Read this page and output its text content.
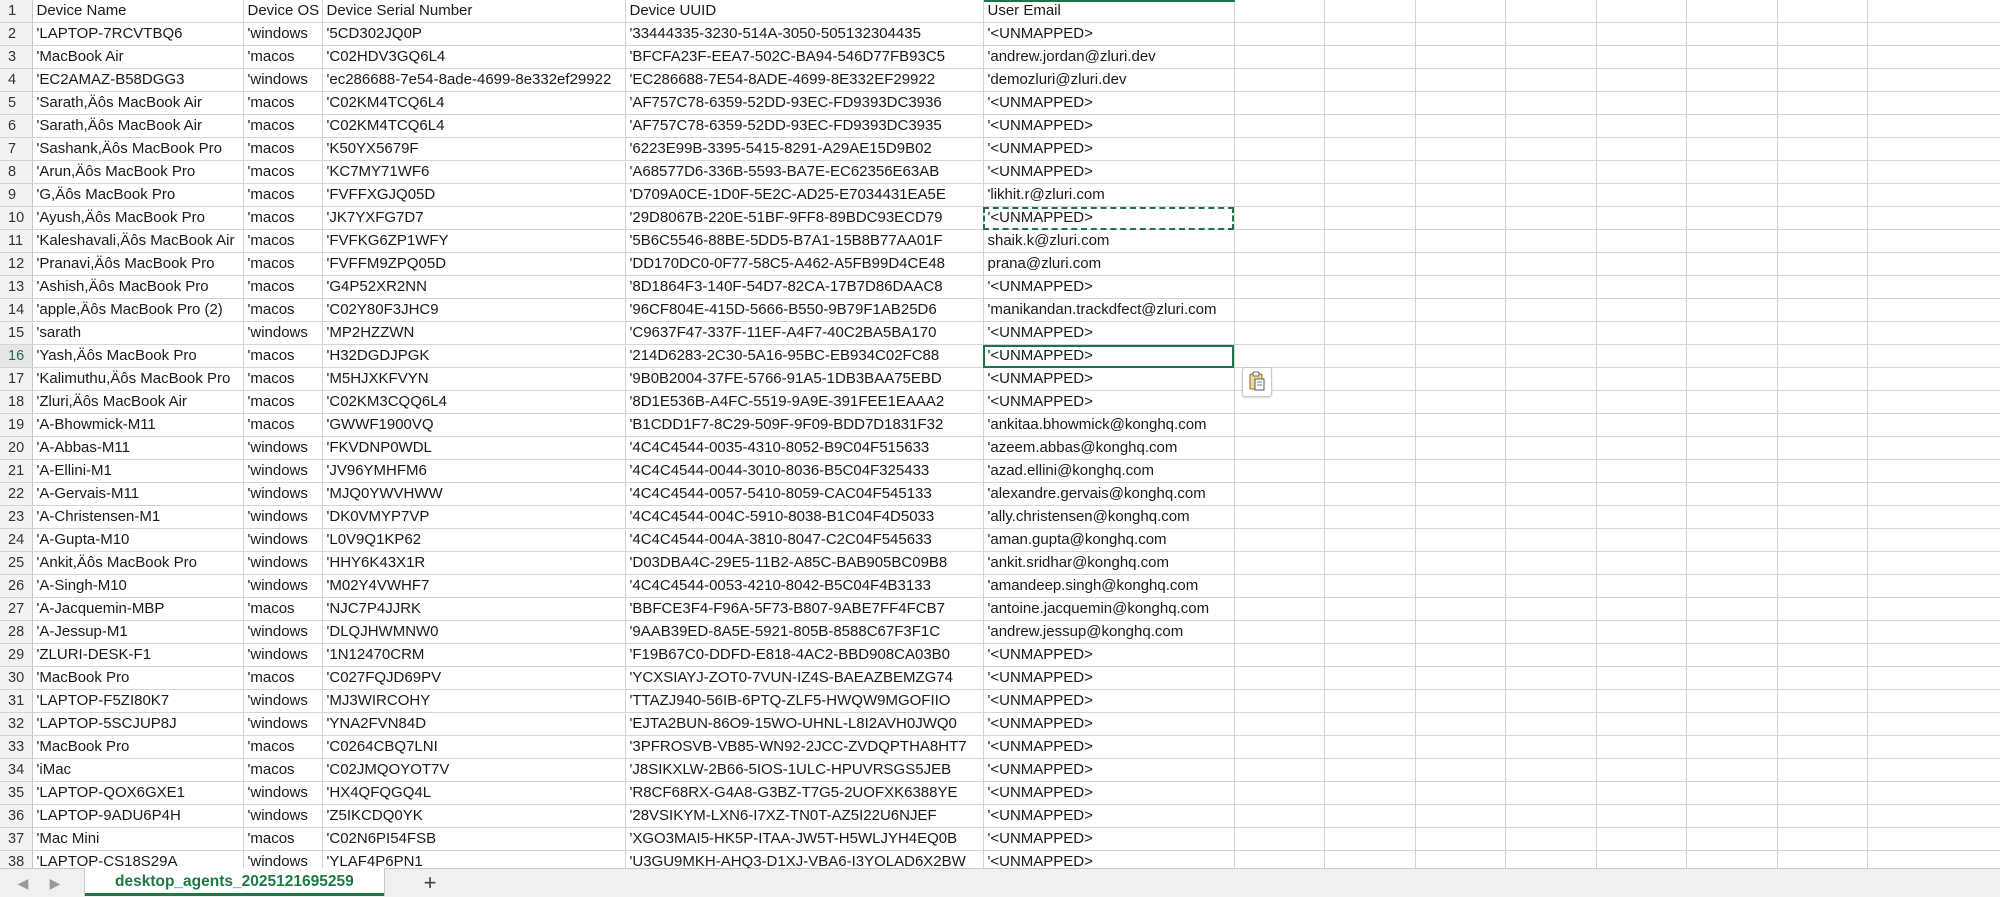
1	Device Name	Device OS	Device Serial Number	Device UUID	User Email								
2	'LAPTOP-7RCVTBQ6	'windows	'5CD302JQ0P	'33444335-3230-514A-3050-505132304435	'<UNMAPPED>								
3	'MacBook Air	'macos	'C02HDV3GQ6L4	'BFCFA23F-EEA7-502C-BA94-546D77FB93C5	'andrew.jordan@zluri.dev								
4	'EC2AMAZ-B58DGG3	'windows	'ec286688-7e54-8ade-4699-8e332ef29922	'EC286688-7E54-8ADE-4699-8E332EF29922	'demozluri@zluri.dev								
5	'Sarath,Äôs MacBook Air	'macos	'C02KM4TCQ6L4	'AF757C78-6359-52DD-93EC-FD9393DC3936	'<UNMAPPED>								
6	'Sarath,Äôs MacBook Air	'macos	'C02KM4TCQ6L4	'AF757C78-6359-52DD-93EC-FD9393DC3935	'<UNMAPPED>								
7	'Sashank,Äôs MacBook Pro	'macos	'K50YX5679F	'6223E99B-3395-5415-8291-A29AE15D9B02	'<UNMAPPED>								
8	'Arun,Äôs MacBook Pro	'macos	'KC7MY71WF6	'A68577D6-336B-5593-BA7E-EC62356E63AB	'<UNMAPPED>								
9	'G,Äôs MacBook Pro	'macos	'FVFFXGJQ05D	'D709A0CE-1D0F-5E2C-AD25-E7034431EA5E	'likhit.r@zluri.com								
10	'Ayush,Äôs MacBook Pro	'macos	'JK7YXFG7D7	'29D8067B-220E-51BF-9FF8-89BDC93ECD79	'<UNMAPPED>								
11	'Kaleshavali,Äôs MacBook Air	'macos	'FVFKG6ZP1WFY	'5B6C5546-88BE-5DD5-B7A1-15B8B77AA01F	shaik.k@zluri.com								
12	'Pranavi,Äôs MacBook Pro	'macos	'FVFFM9ZPQ05D	'DD170DC0-0F77-58C5-A462-A5FB99D4CE48	prana@zluri.com								
13	'Ashish,Äôs MacBook Pro	'macos	'G4P52XR2NN	'8D1864F3-140F-54D7-82CA-17B7D86DAAC8	'<UNMAPPED>								
14	'apple,Äôs MacBook Pro (2)	'macos	'C02Y80F3JHC9	'96CF804E-415D-5666-B550-9B79F1AB25D6	'manikandan.trackdfect@zluri.com								
15	'sarath	'windows	'MP2HZZWN	'C9637F47-337F-11EF-A4F7-40C2BA5BA170	'<UNMAPPED>								
16	'Yash,Äôs MacBook Pro	'macos	'H32DGDJPGK	'214D6283-2C30-5A16-95BC-EB934C02FC88	'<UNMAPPED>								
17	'Kalimuthu,Äôs MacBook Pro	'macos	'M5HJXKFVYN	'9B0B2004-37FE-5766-91A5-1DB3BAA75EBD	'<UNMAPPED>								
18	'Zluri,Äôs MacBook Air	'macos	'C02KM3CQQ6L4	'8D1E536B-A4FC-5519-9A9E-391FEE1EAAA2	'<UNMAPPED>								
19	'A-Bhowmick-M11	'macos	'GWWF1900VQ	'B1CDD1F7-8C29-509F-9F09-BDD7D1831F32	'ankitaa.bhowmick@konghq.com								
20	'A-Abbas-M11	'windows	'FKVDNP0WDL	'4C4C4544-0035-4310-8052-B9C04F515633	'azeem.abbas@konghq.com								
21	'A-Ellini-M1	'windows	'JV96YMHFM6	'4C4C4544-0044-3010-8036-B5C04F325433	'azad.ellini@konghq.com								
22	'A-Gervais-M11	'windows	'MJQ0YWVHWW	'4C4C4544-0057-5410-8059-CAC04F545133	'alexandre.gervais@konghq.com								
23	'A-Christensen-M1	'windows	'DK0VMYP7VP	'4C4C4544-004C-5910-8038-B1C04F4D5033	'ally.christensen@konghq.com								
24	'A-Gupta-M10	'windows	'L0V9Q1KP62	'4C4C4544-004A-3810-8047-C2C04F545633	'aman.gupta@konghq.com								
25	'Ankit,Äôs MacBook Pro	'windows	'HHY6K43X1R	'D03DBA4C-29E5-11B2-A85C-BAB905BC09B8	'ankit.sridhar@konghq.com								
26	'A-Singh-M10	'windows	'M02Y4VWHF7	'4C4C4544-0053-4210-8042-B5C04F4B3133	'amandeep.singh@konghq.com								
27	'A-Jacquemin-MBP	'macos	'NJC7P4JJRK	'BBFCE3F4-F96A-5F73-B807-9ABE7FF4FCB7	'antoine.jacquemin@konghq.com								
28	'A-Jessup-M1	'windows	'DLQJHWMNW0	'9AAB39ED-8A5E-5921-805B-8588C67F3F1C	'andrew.jessup@konghq.com								
29	'ZLURI-DESK-F1	'windows	'1N12470CRM	'F19B67C0-DDFD-E818-4AC2-BBD908CA03B0	'<UNMAPPED>								
30	'MacBook Pro	'macos	'C027FQJD69PV	'YCXSIAYJ-ZOT0-7VUN-IZ4S-BAEAZBEMZG74	'<UNMAPPED>								
31	'LAPTOP-F5ZI80K7	'windows	'MJ3WIRCOHY	'TTAZJ940-56IB-6PTQ-ZLF5-HWQW9MGOFIIO	'<UNMAPPED>								
32	'LAPTOP-5SCJUP8J	'windows	'YNA2FVN84D	'EJTA2BUN-86O9-15WO-UHNL-L8I2AVH0JWQ0	'<UNMAPPED>								
33	'MacBook Pro	'macos	'C0264CBQ7LNI	'3PFROSVB-VB85-WN92-2JCC-ZVDQPTHA8HT7	'<UNMAPPED>								
34	'iMac	'macos	'C02JMQOYOT7V	'J8SIKXLW-2B66-5IOS-1ULC-HPUVRSGS5JEB	'<UNMAPPED>								
35	'LAPTOP-QOX6GXE1	'windows	'HX4QFQGQ4L	'R8CF68RX-G4A8-G3BZ-T7G5-2UOFXK6388YE	'<UNMAPPED>								
36	'LAPTOP-9ADU6P4H	'windows	'Z5IKCDQ0YK	'28VSIKYM-LXN6-I7XZ-TN0T-AZ5I22U6NJEF	'<UNMAPPED>								
37	'Mac Mini	'macos	'C02N6PI54FSB	'XGO3MAI5-HK5P-ITAA-JW5T-H5WLJYH4EQ0B	'<UNMAPPED>								
38	'LAPTOP-CS18S29A	'windows	'YLAF4P6PN1	'U3GU9MKH-AHQ3-D1XJ-VBA6-I3YOLAD6X2BW	'<UNMAPPED>								

◀ ▶	desktop_agents_2025121695259	+
